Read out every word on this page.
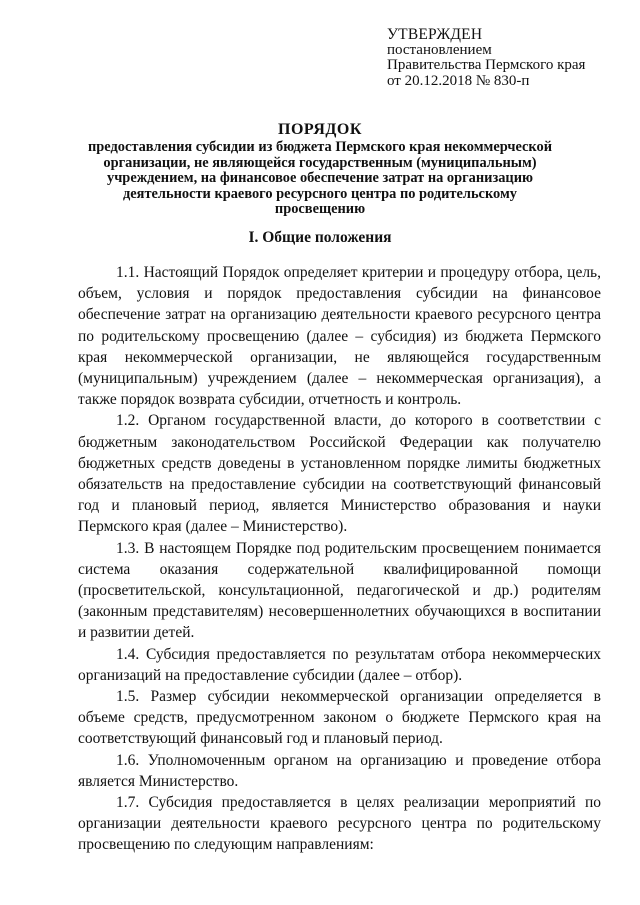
УТВЕРЖДЕН
постановлением
Правительства Пермского края
от 20.12.2018 № 830-п
ПОРЯДОК
предоставления субсидии из бюджета Пермского края некоммерческой организации, не являющейся государственным (муниципальным) учреждением, на финансовое обеспечение затрат на организацию деятельности краевого ресурсного центра по родительскому просвещению
I. Общие положения

1.1. Настоящий Порядок определяет критерии и процедуру отбора, цель, объем, условия и порядок предоставления субсидии на финансовое обеспечение затрат на организацию деятельности краевого ресурсного центра по родительскому просвещению (далее – субсидия) из бюджета Пермского края некоммерческой организации, не являющейся государственным (муниципальным) учреждением (далее – некоммерческая организация), а также порядок возврата субсидии, отчетность и контроль.

1.2. Органом государственной власти, до которого в соответствии с бюджетным законодательством Российской Федерации как получателю бюджетных средств доведены в установленном порядке лимиты бюджетных обязательств на предоставление субсидии на соответствующий финансовый год и плановый период, является Министерство образования и науки Пермского края (далее – Министерство).

1.3. В настоящем Порядке под родительским просвещением понимается система оказания содержательной квалифицированной помощи (просветительской, консультационной, педагогической и др.) родителям (законным представителям) несовершеннолетних обучающихся в воспитании и развитии детей.

1.4. Субсидия предоставляется по результатам отбора некоммерческих организаций на предоставление субсидии (далее – отбор).

1.5. Размер субсидии некоммерческой организации определяется в объеме средств, предусмотренном законом о бюджете Пермского края на соответствующий финансовый год и плановый период.

1.6. Уполномоченным органом на организацию и проведение отбора является Министерство.

1.7. Субсидия предоставляется в целях реализации мероприятий по организации деятельности краевого ресурсного центра по родительскому просвещению по следующим направлениям:
